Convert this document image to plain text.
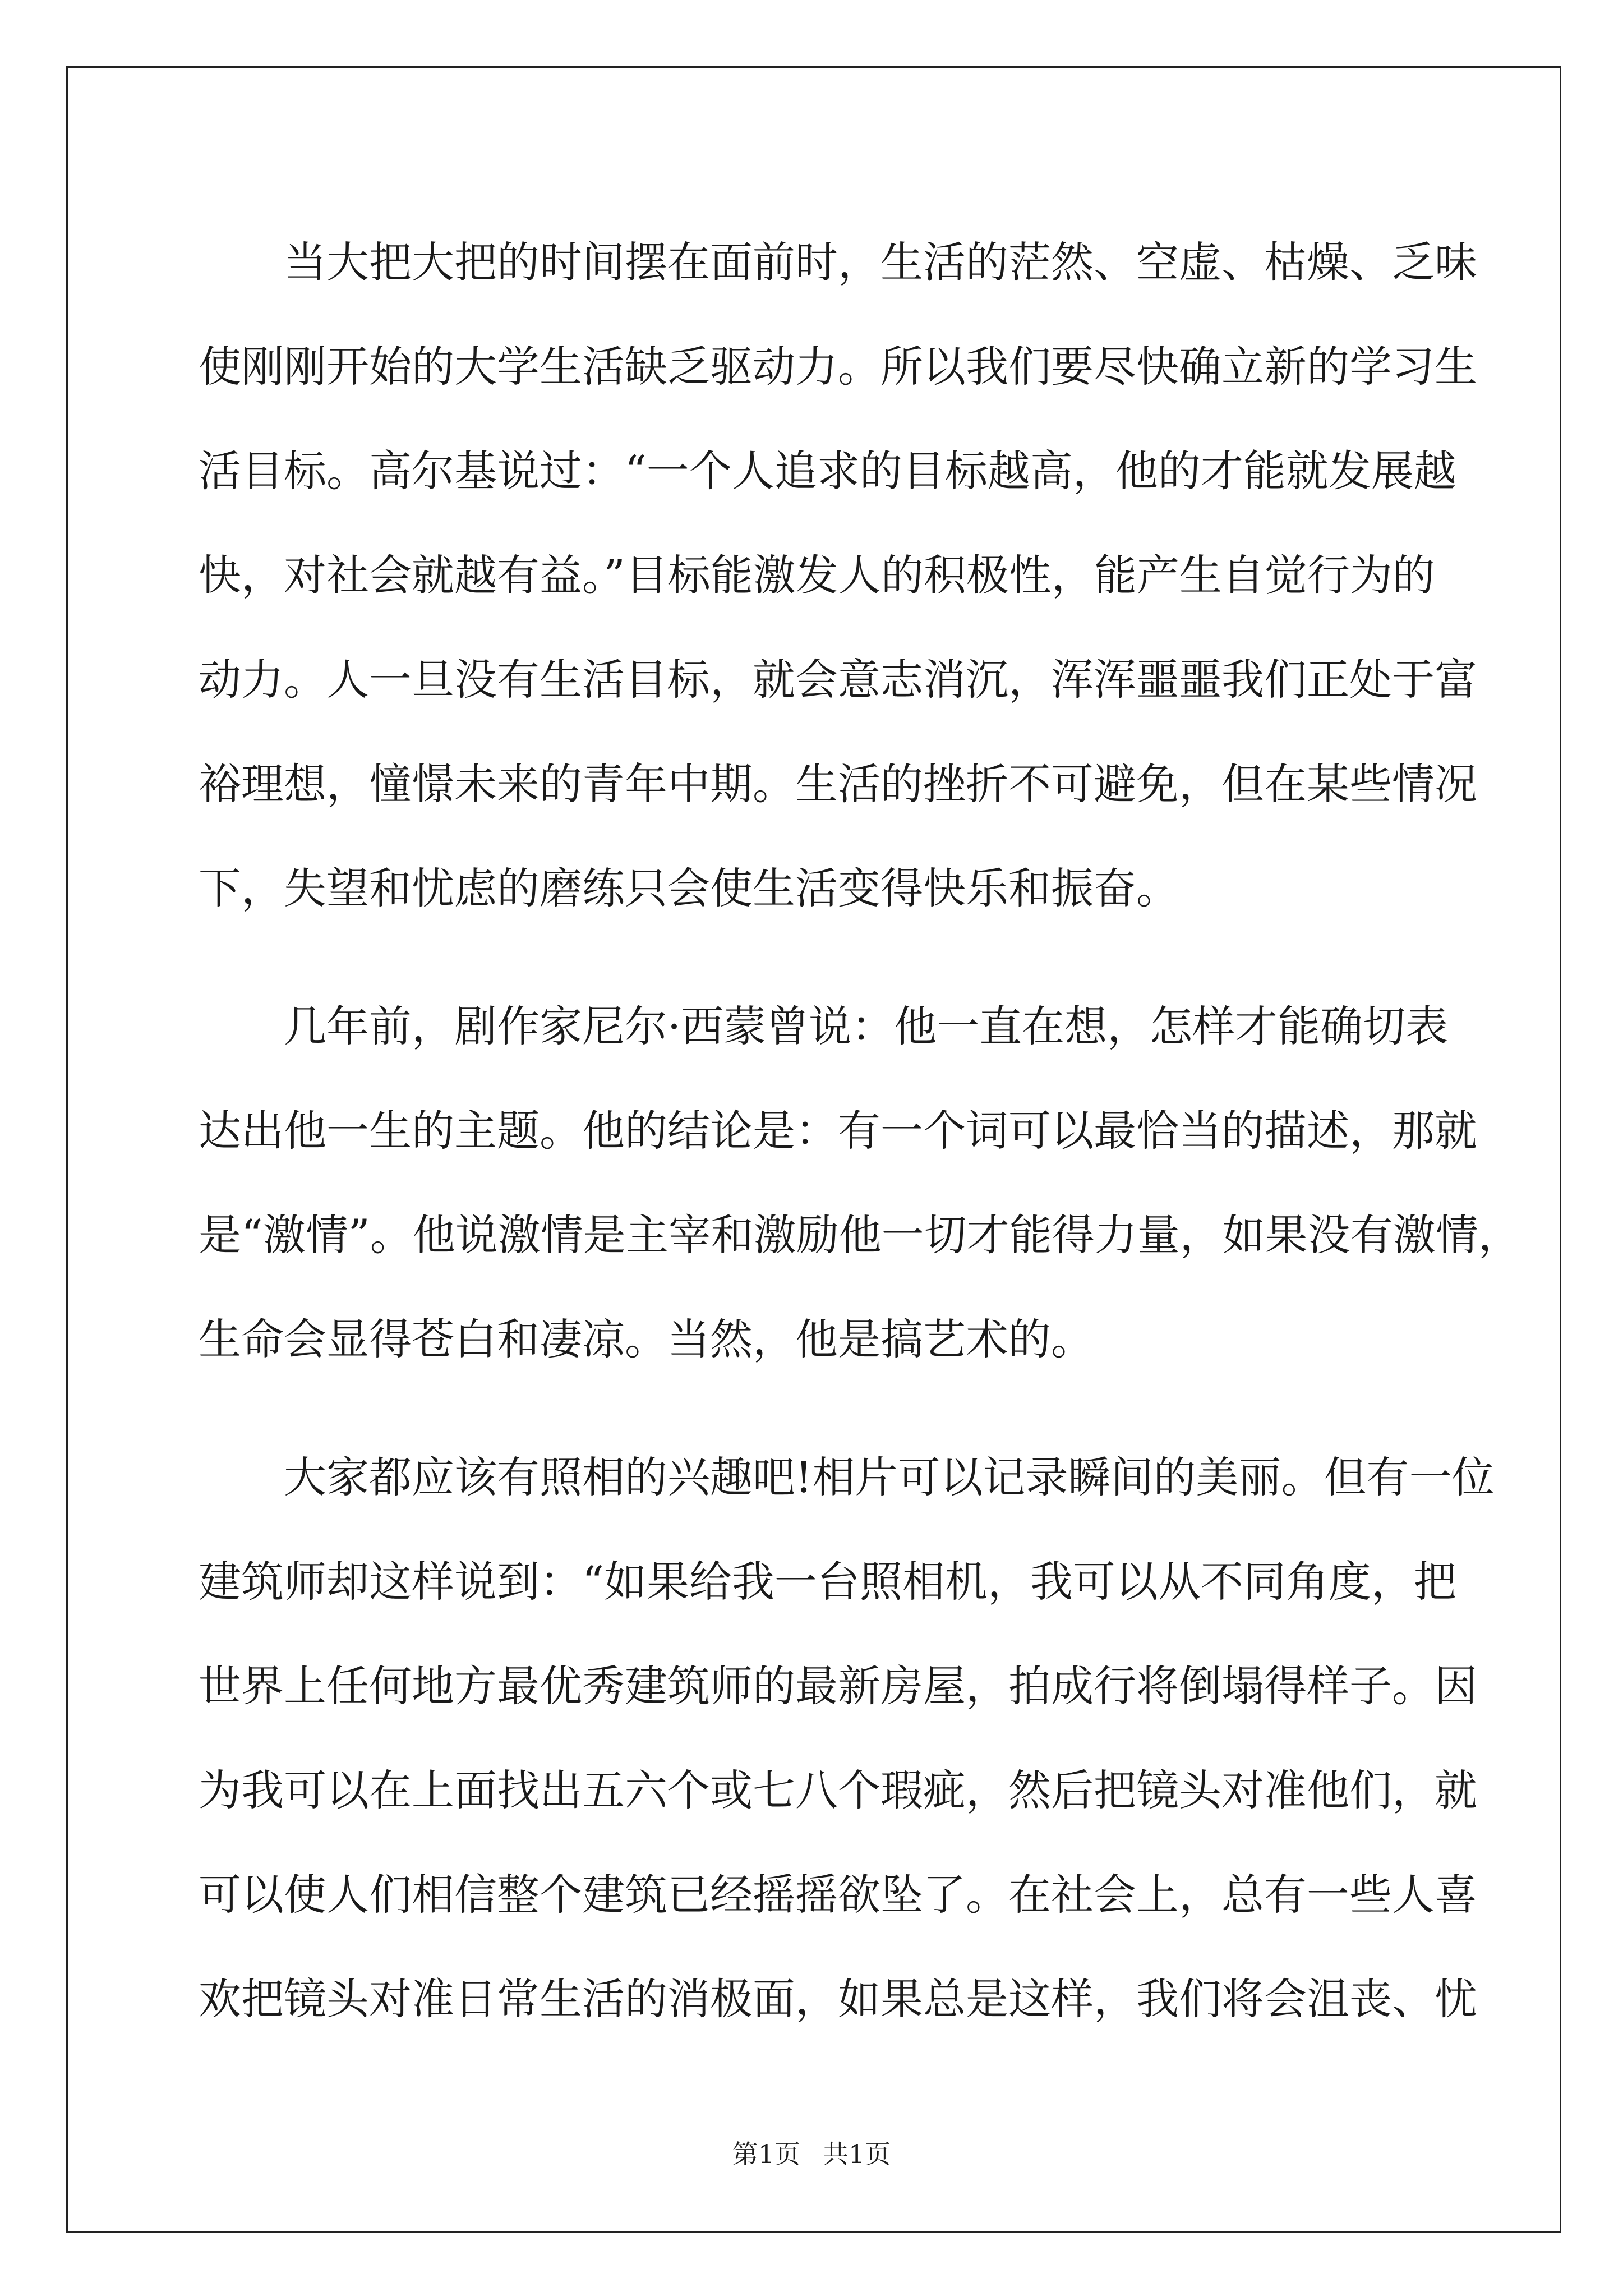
当大把大把的时间摆在面前时，生活的茫然、空虚、枯燥、乏味
使刚刚开始的大学生活缺乏驱动力。所以我们要尽快确立新的学习生
活目标。高尔基说过：“一个人追求的目标越高，他的才能就发展越
快，对社会就越有益。”目标能激发人的积极性，能产生自觉行为的
动力。人一旦没有生活目标，就会意志消沉，浑浑噩噩我们正处于富
裕理想，憧憬未来的青年中期。生活的挫折不可避免，但在某些情况
下，失望和忧虑的磨练只会使生活变得快乐和振奋。
几年前，剧作家尼尔·西蒙曾说：他一直在想，怎样才能确切表
达出他一生的主题。他的结论是：有一个词可以最恰当的描述，那就
是“激情”。他说激情是主宰和激励他一切才能得力量，如果没有激情，
生命会显得苍白和凄凉。当然，他是搞艺术的。
大家都应该有照相的兴趣吧!相片可以记录瞬间的美丽。但有一位
建筑师却这样说到：“如果给我一台照相机，我可以从不同角度，把
世界上任何地方最优秀建筑师的最新房屋，拍成行将倒塌得样子。因
为我可以在上面找出五六个或七八个瑕疵，然后把镜头对准他们，就
可以使人们相信整个建筑已经摇摇欲坠了。在社会上，总有一些人喜
欢把镜头对准日常生活的消极面，如果总是这样，我们将会沮丧、忧
第1页 共1页
